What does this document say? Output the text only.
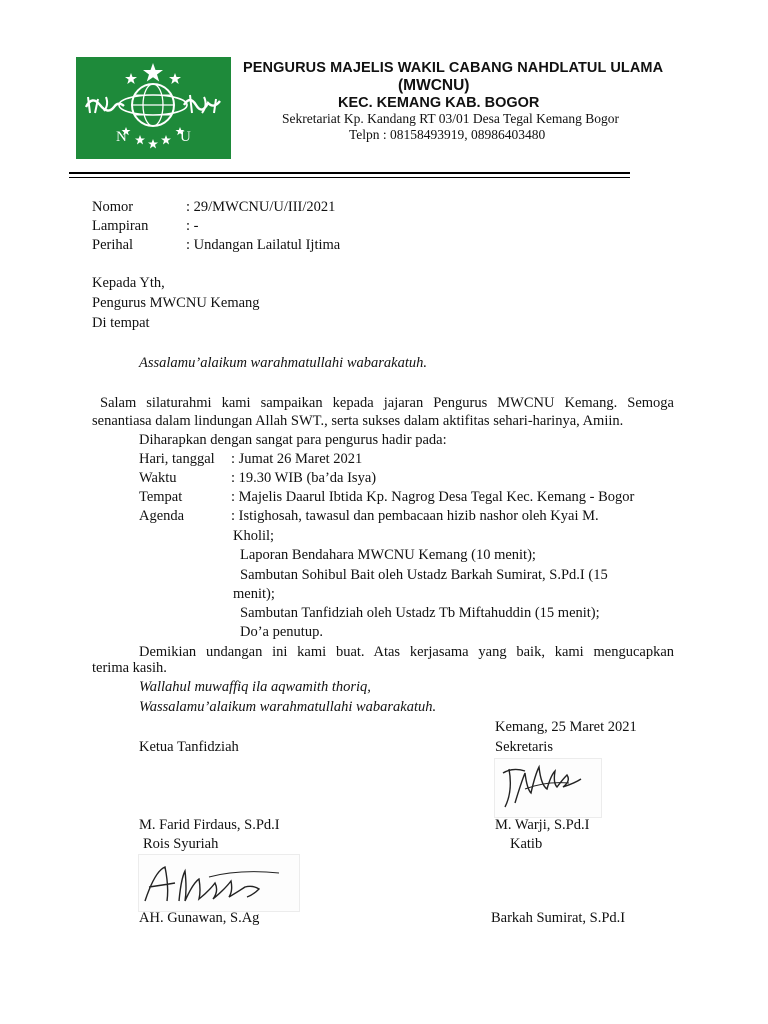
N	U
PENGURUS MAJELIS WAKIL CABANG NAHDLATUL ULAMA
(MWCNU)
KEC. KEMANG KAB. BOGOR
Sekretariat Kp. Kandang RT 03/01 Desa Tegal Kemang Bogor
Telpn : 08158493919, 08986403480
Nomor	: 29/MWCNU/U/III/2021
Lampiran	: -
Perihal	: Undangan Lailatul Ijtima
Kepada Yth,
Pengurus MWCNU Kemang
Di tempat
Assalamu’alaikum warahmatullahi wabarakatuh.
Salam silaturahmi kami sampaikan kepada jajaran Pengurus MWCNU Kemang. Semoga
senantiasa dalam lindungan Allah SWT., serta sukses dalam aktifitas sehari-harinya, Amiin.
Diharapkan dengan sangat para pengurus hadir pada:
Hari, tanggal : Jumat 26 Maret 2021
Waktu	: 19.30 WIB (ba’da Isya)
Tempat	: Majelis Daarul Ibtida Kp. Nagrog Desa Tegal Kec. Kemang - Bogor
Agenda	: Istighosah, tawasul dan pembacaan hizib nashor oleh Kyai M.
Kholil;
Laporan Bendahara MWCNU Kemang (10 menit);
Sambutan Sohibul Bait oleh Ustadz Barkah Sumirat, S.Pd.I (15
menit);
Sambutan Tanfidziah oleh Ustadz Tb Miftahuddin (15 menit);
Do’a penutup.
Demikian undangan ini kami buat. Atas kerjasama yang baik, kami mengucapkan
terima kasih.
Wallahul muwaffiq ila aqwamith thoriq,
Wassalamu’alaikum warahmatullahi wabarakatuh.
Kemang, 25 Maret 2021
Ketua Tanfidziah	Sekretaris
M. Farid Firdaus, S.Pd.I	M. Warji, S.Pd.I
Rois Syuriah	Katib
AH. Gunawan, S.Ag	Barkah Sumirat, S.Pd.I
